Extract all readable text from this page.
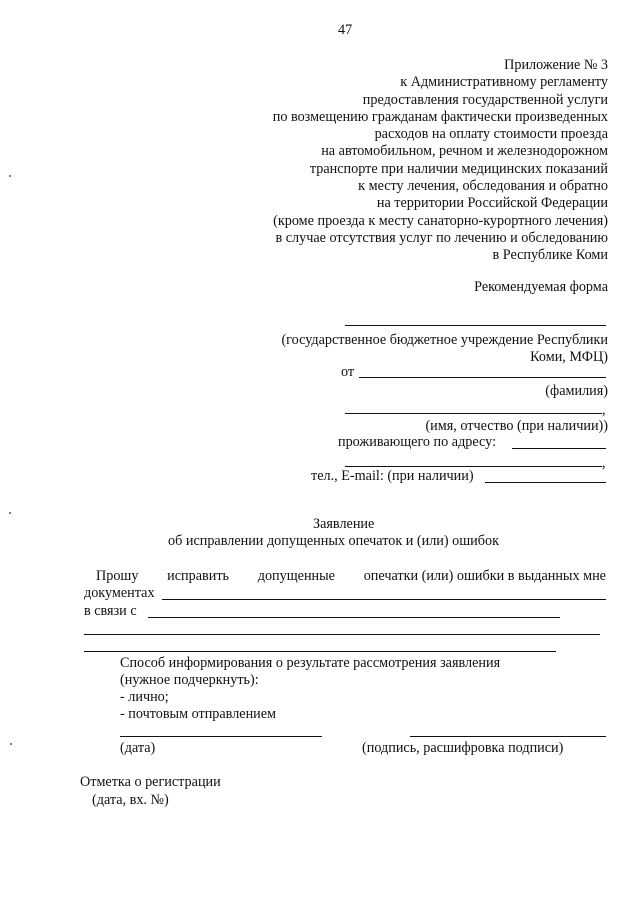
47
Приложение № 3
к Административному регламенту
предоставления государственной услуги
по возмещению гражданам фактически произведенных
расходов на оплату стоимости проезда
на автомобильном, речном и железнодорожном
транспорте при наличии медицинских показаний
к месту лечения, обследования и обратно
на территории Российской Федерации
(кроме проезда к месту санаторно-курортного лечения)
в случае отсутствия услуг по лечению и обследованию
в Республике Коми
Рекомендуемая форма
(государственное бюджетное учреждение Республики
Коми, МФЦ)
от
(фамилия)
,
(имя, отчество (при наличии))
проживающего по адресу:
,
тел., E-mail: (при наличии)
Заявление
об исправлении допущенных опечаток и (или) ошибок
Прошу исправить допущенные опечатки (или) ошибки в выданных мне
документах
в связи с
Способ информирования о результате рассмотрения заявления
(нужное подчеркнуть):
- лично;
- почтовым отправлением
(дата)	(подпись, расшифровка подписи)
Отметка о регистрации
(дата, вх. №)
